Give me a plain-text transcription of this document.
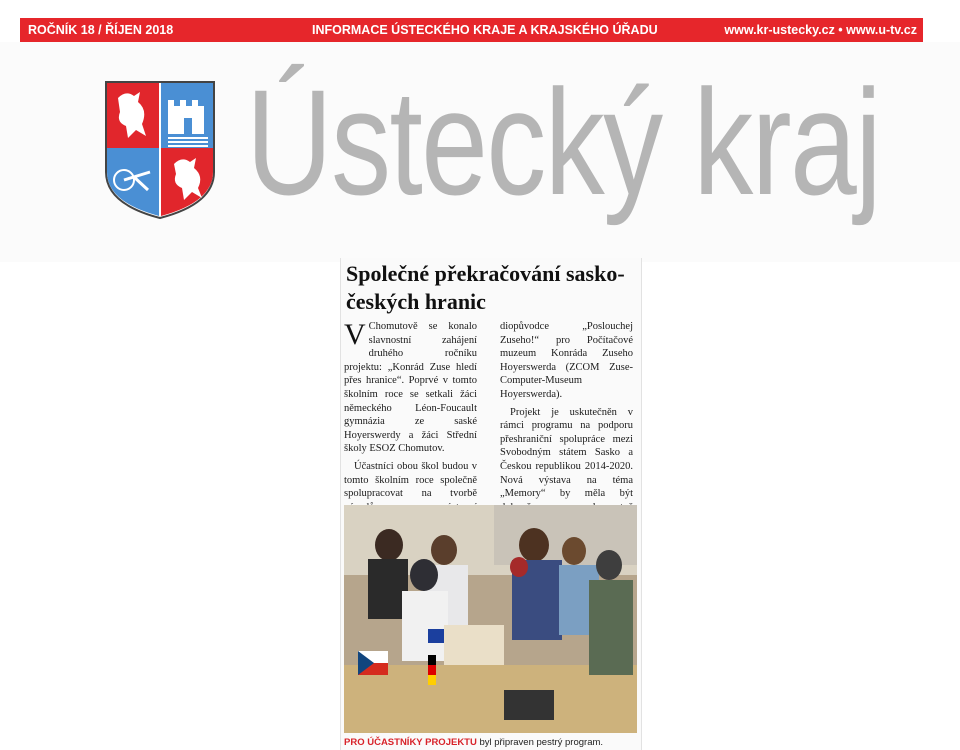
ROČNÍK 18 / ŘÍJEN 2018	INFORMACE ÚSTECKÉHO KRAJE A KRAJSKÉHO ÚŘADU	www.kr-ustecky.cz • www.u-tv.cz
Ústecký kraj
Společné překračování sasko-českých hranic

V Chomutově se konalo slavnostní zahájení druhého ročníku projektu: „Konrád Zuse hledí přes hranice“. Poprvé v tomto školním roce se setkali žáci německého Léon-Foucault gymnázia ze saské Hoyerswerdy a žáci Střední školy ESOZ Chomutov.

Účastníci obou škol budou v tomto školním roce společně spolupracovat na tvorbě

diopůvodce „Poslouchej Zuseho!“ pro Počítačové muzeum Konráda Zuseho Hoyerswerda (ZCOM Zuse-Computer-Museum Hoyerswerda).

Projekt je uskutečněn v rámci programu na podporu přeshraniční spolupráce mezi Svobodným státem Sasko a Českou republikou 2014-2020. Nová výstava na téma „Memory“ by měla být

PRO ÚČASTNÍKY PROJEKTU byl připraven pestrý program.
